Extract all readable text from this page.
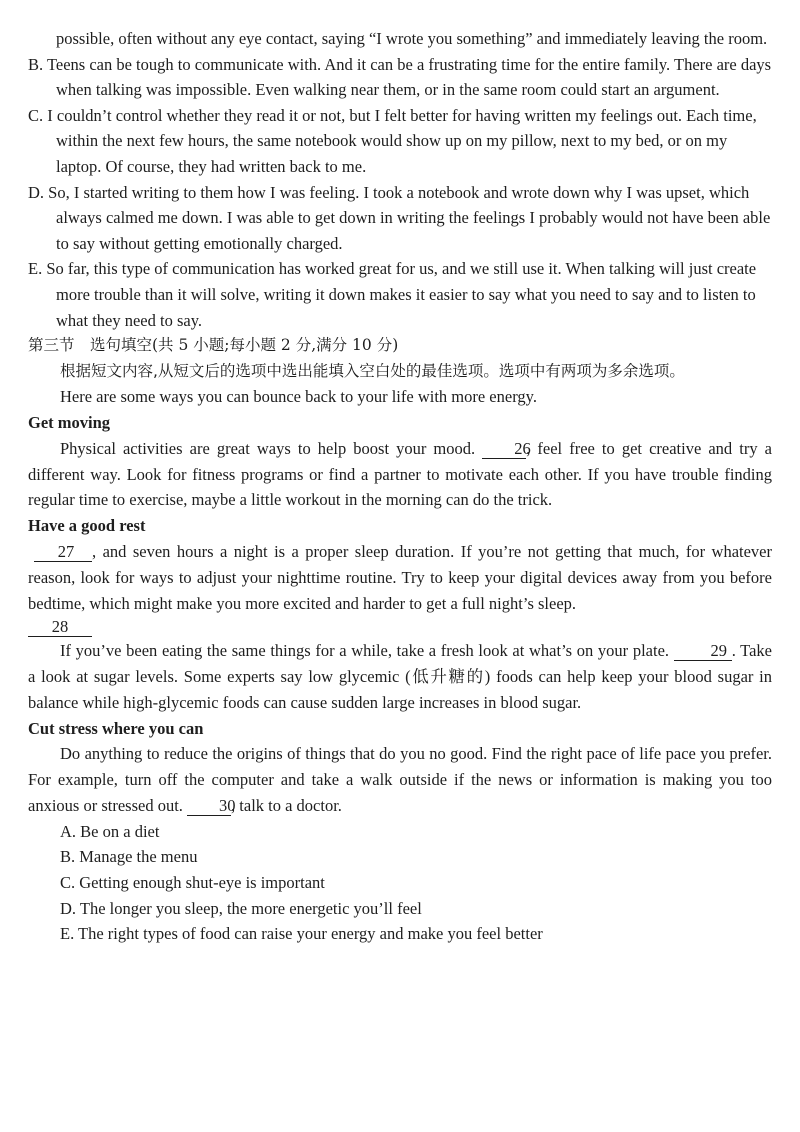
possible, often without any eye contact, saying “I wrote you something” and immediately leaving the room.
B. Teens can be tough to communicate with. And it can be a frustrating time for the entire family. There are days when talking was impossible. Even walking near them, or in the same room could start an argument.
C. I couldn’t control whether they read it or not, but I felt better for having written my feelings out. Each time, within the next few hours, the same notebook would show up on my pillow, next to my bed, or on my laptop. Of course, they had written back to me.
D. So, I started writing to them how I was feeling. I took a notebook and wrote down why I was upset, which always calmed me down. I was able to get down in writing the feelings I probably would not have been able to say without getting emotionally charged.
E. So far, this type of communication has worked great for us, and we still use it. When talking will just create more trouble than it will solve, writing it down makes it easier to say what you need to say and to listen to what they need to say.
第三节　选句填空(共 5 小题;每小题 2 分,满分 10 分)

根据短文内容,从短文后的选项中选出能填入空白处的最佳选项。选项中有两项为多余选项。

Here are some ways you can bounce back to your life with more energy.

Get moving

Physical activities are great ways to help boost your mood. 26, feel free to get creative and try a different way. Look for fitness programs or find a partner to motivate each other. If you have trouble finding regular time to exercise, maybe a little workout in the morning can do the trick.

Have a good rest

27 , and seven hours a night is a proper sleep duration. If you’re not getting that much, for whatever reason, look for ways to adjust your nighttime routine. Try to keep your digital devices away from you before bedtime, which might make you more excited and harder to get a full night’s sleep.

28

If you’ve been eating the same things for a while, take a fresh look at what’s on your plate.	29 . Take a look at sugar levels. Some experts say low glycemic (低升糖的) foods can help keep your blood sugar in balance while high-glycemic foods can cause sudden large increases in blood sugar.

Cut stress where you can

Do anything to reduce the origins of things that do you no good. Find the right pace of life pace you prefer. For example, turn off the computer and take a walk outside if the news or information is making you too anxious or stressed out. 30, talk to a doctor.

A. Be on a diet
B. Manage the menu
C. Getting enough shut-eye is important
D. The longer you sleep, the more energetic you’ll feel
E. The right types of food can raise your energy and make you feel better
